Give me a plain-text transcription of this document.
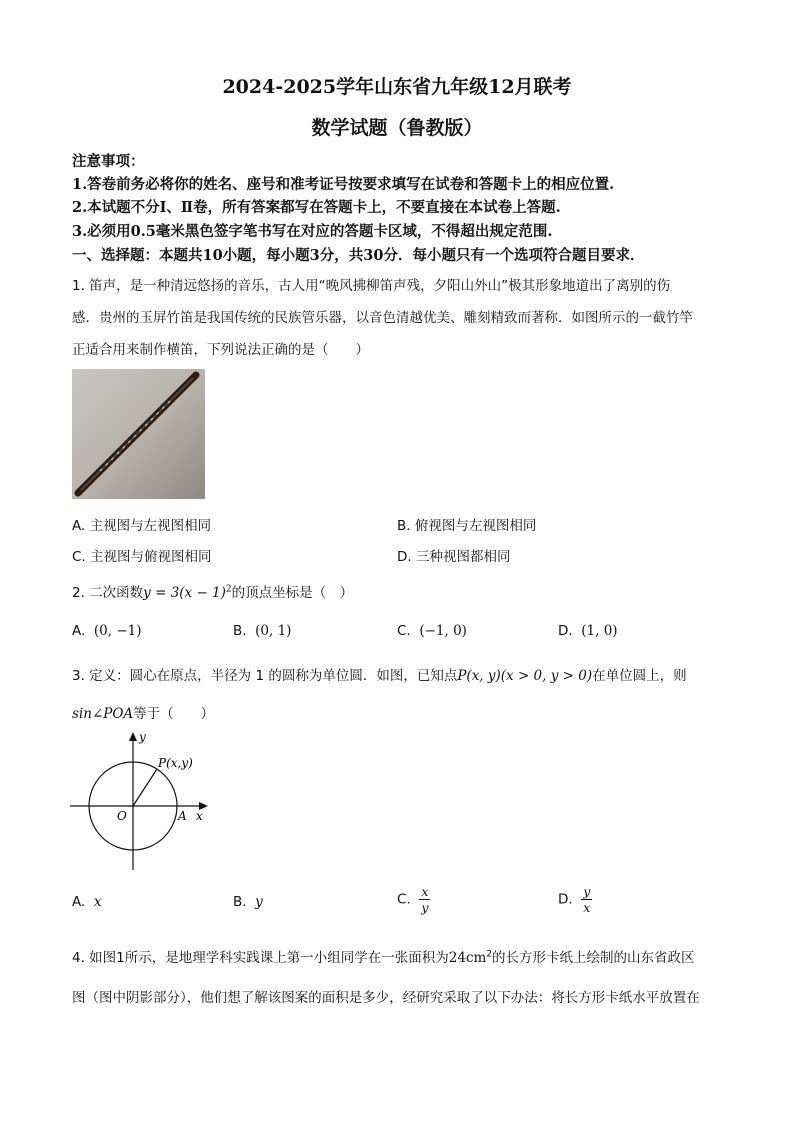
2024-2025学年山东省九年级12月联考
数学试题（鲁教版）
注意事项：
1.答卷前务必将你的姓名、座号和准考证号按要求填写在试卷和答题卡上的相应位置.
2.本试题不分Ⅰ、Ⅱ卷，所有答案都写在答题卡上，不要直接在本试卷上答题.
3.必须用0.5毫米黑色签字笔书写在对应的答题卡区域，不得超出规定范围.
一、选择题：本题共10小题，每小题3分，共30分．每小题只有一个选项符合题目要求．
1. 笛声，是一种清远悠扬的音乐，古人用“晚风拂柳笛声残，夕阳山外山”极其形象地道出了离别的伤
感．贵州的玉屏竹笛是我国传统的民族管乐器，以音色清越优美、雕刻精致而著称．如图所示的一截竹竿
正适合用来制作横笛，下列说法正确的是（　　）
A. 主视图与左视图相同	B. 俯视图与左视图相同
C. 主视图与俯视图相同	D. 三种视图都相同
2. 二次函数$y = 3(x - 1)^2$的顶点坐标是（　）
A. (0, −1)	B. (0, 1)	C. (−1, 0)	D. (1, 0)
3. 定义：圆心在原点，半径为 1 的圆称为单位圆．如图，已知点P(x, y)(x > 0, y > 0)在单位圆上，则
sin∠POA等于（　　）
y
x
O	A
P(x,y)
A. x	B. y	C. $\frac{x}{y}$	D. $\frac{y}{x}$
4. 如图1所示，是地理学科实践课上第一小组同学在一张面积为$24cm^2$的长方形卡纸上绘制的山东省政区
图（图中阴影部分），他们想了解该图案的面积是多少，经研究采取了以下办法：将长方形卡纸水平放置在
